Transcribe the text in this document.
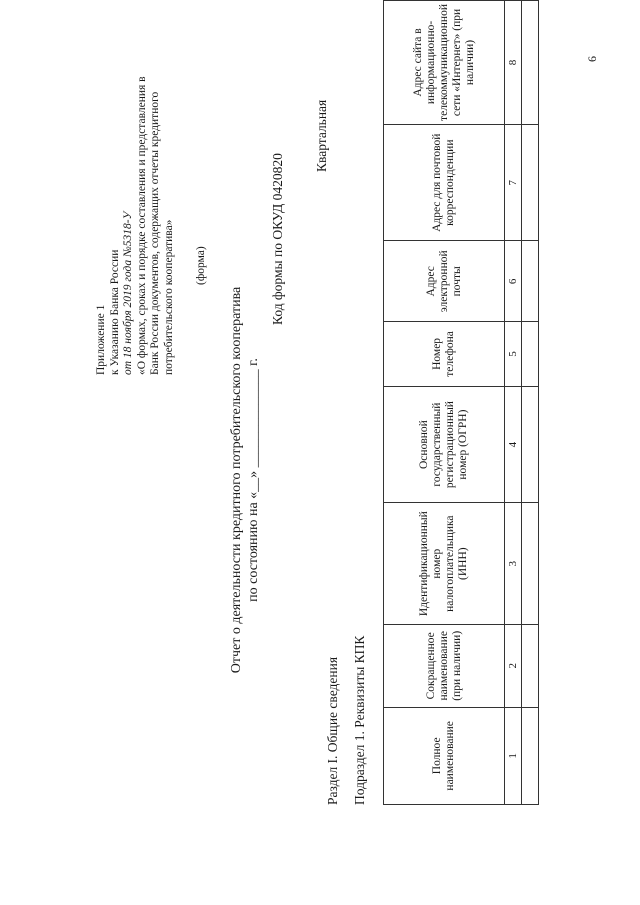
Приложение 1 к Указанию Банка России от 18 ноября 2019 года №5318-У «О формах, сроках и порядке составления и представления в Банк России документов, содержащих отчеты кредитного потребительского кооператива» (форма)
Отчет о деятельности кредитного потребительского кооператива по состоянию на «__» ______________ г.
Код формы по ОКУД 0420820
Квартальная
Раздел I. Общие сведения Подраздел 1. Реквизиты КПК	Полное наименование	Сокращенное наименование (при наличии)	Идентификационный номер налогоплательщика (ИНН)	Основной государственный регистрационный номер (ОГРН)	Номер телефона	Адрес электронной почты	Адрес для почтовой корреспонденции	Адрес сайта в информационно-телекоммуникационной сети «Интернет» (при наличии)
1	2	3	4	5	6	7	8

6
